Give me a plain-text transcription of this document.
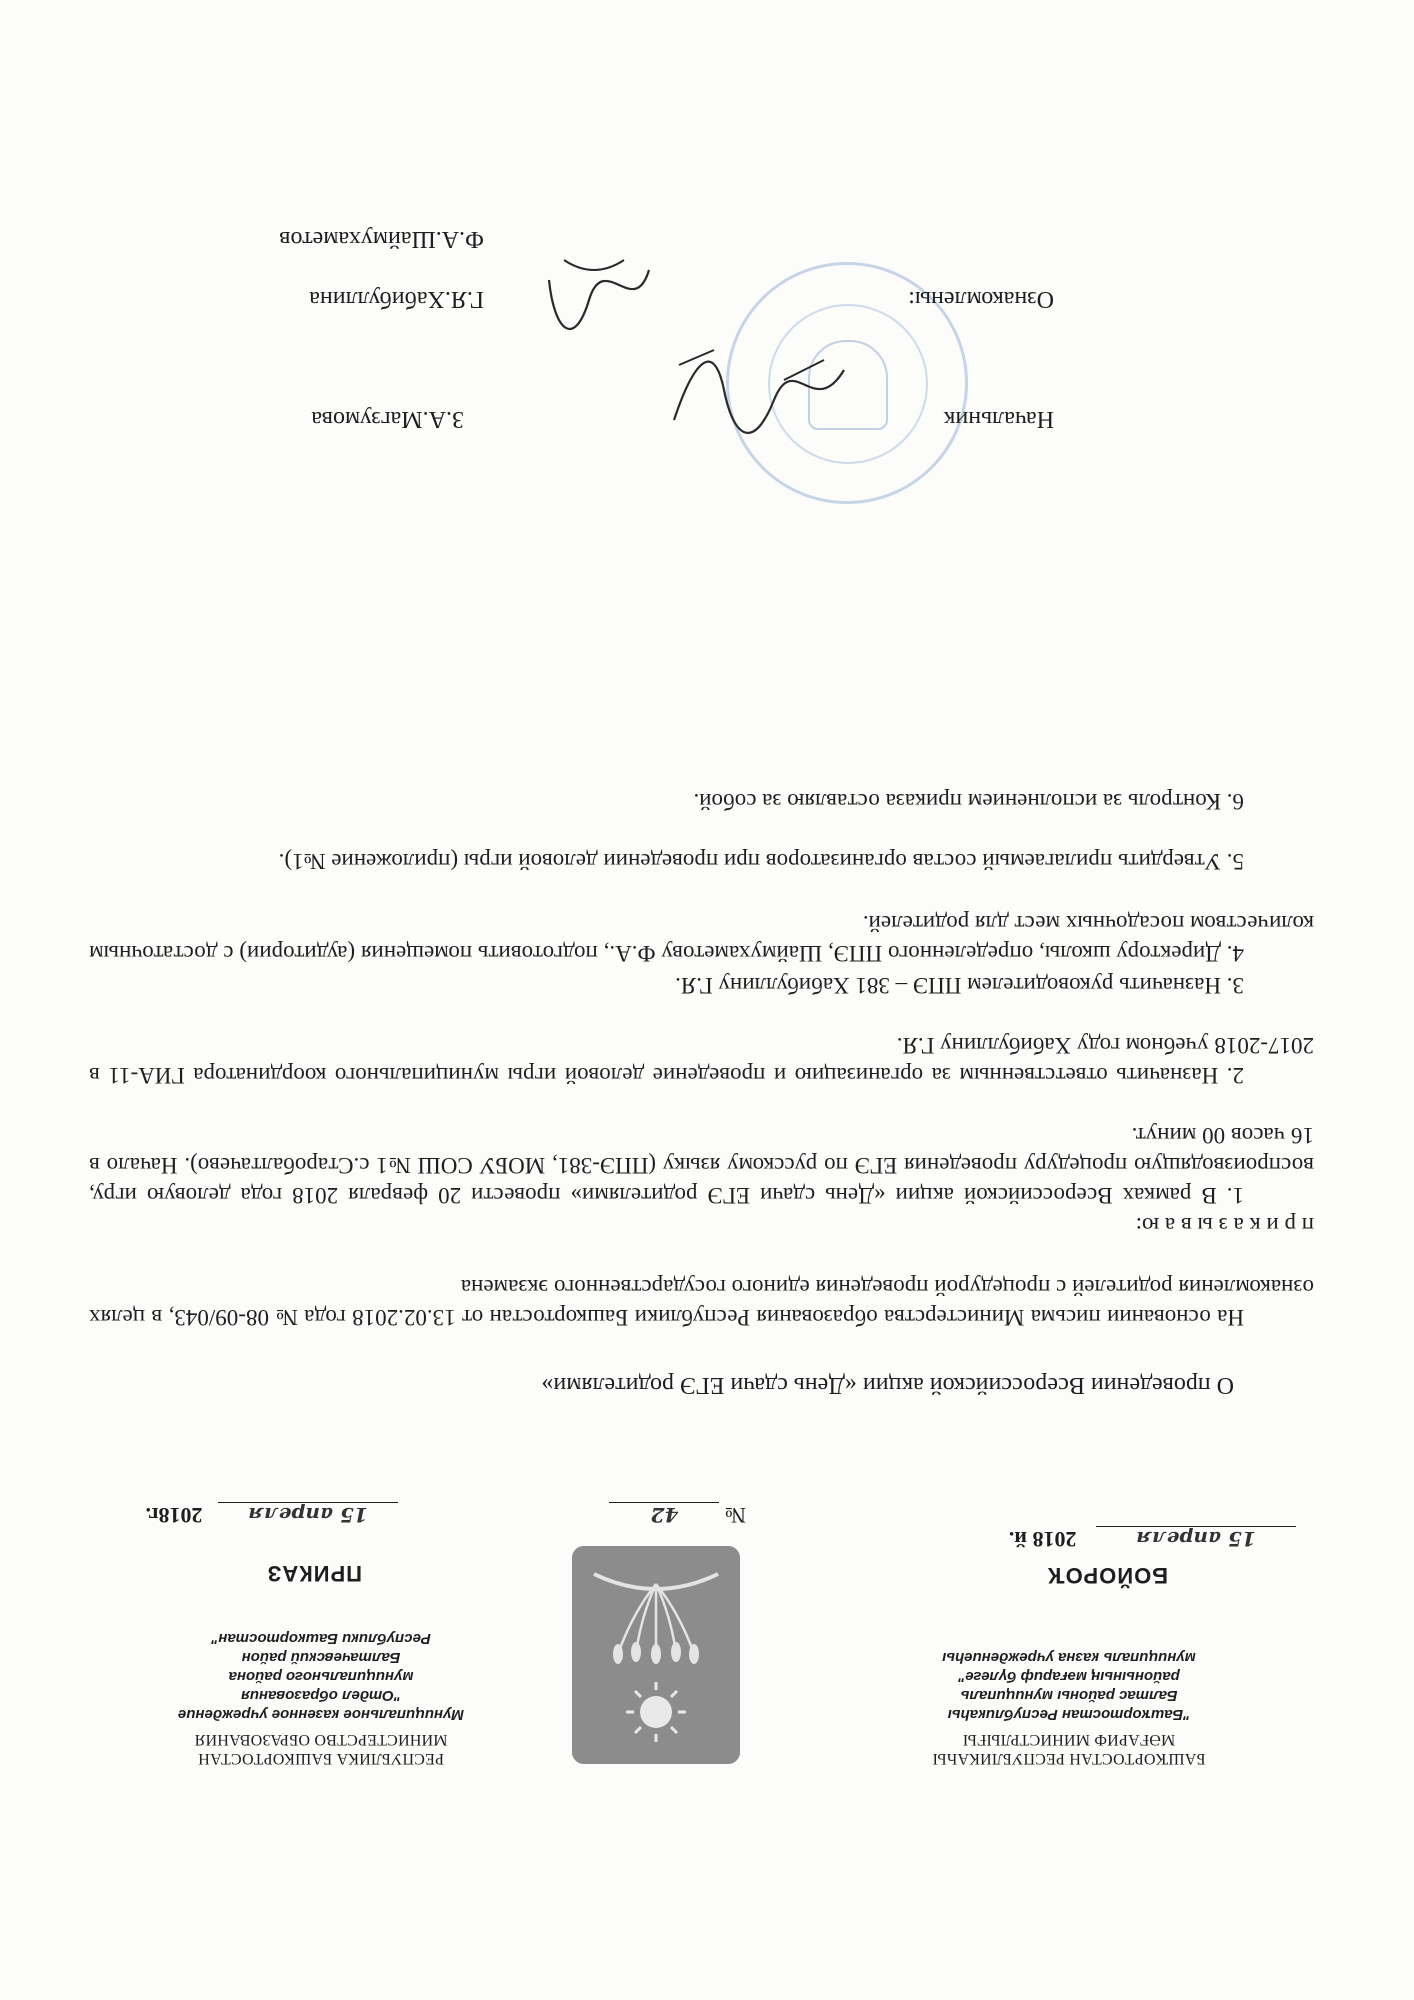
БАШҠОРТОСТАН РЕСПУБЛИКАҺЫ
МӘҒАРИФ МИНИСТРЛЫҒЫ
"Башҡортостан Республикаһы
Балтас районы муниципаль
районының мәғариф бүлеге"
муниципаль казна учреждениеһы
РЕСПУБЛИКА БАШКОРТОСТАН
МИНИСТЕРСТВО ОБРАЗОВАНИЯ
Муниципальное казенное учреждение
"Отдел образования
муниципального района
Балтачевский район
Республики Башкортостан"
БОЙОРОҠ
ПРИКАЗ
15 апреля 2018 й.
№ 42
15 апреля 2018г.
О проведении Всероссийской акции «День сдачи ЕГЭ родителями»
На основании письма Министерства образования Республики Башкортостан от 13.02.2018 года № 08-09/043, в целях ознакомления родителей с процедурой проведения единого государственного экзамена
п р и к а з ы в а ю:
1. В рамках Всероссийской акции «День сдачи ЕГЭ родителями» провести 20 февраля 2018 года деловую игру, воспроизводящую процедуру проведения ЕГЭ по русскому языку (ППЭ-381, МОБУ СОШ №1 с.Старобалтачево). Начало в 16 часов 00 минут.
2. Назначить ответственным за организацию и проведение деловой игры муниципального координатора ГИА-11 в 2017-2018 учебном году Хабибуллину Г.Я.
3. Назначить руководителем ППЭ – 381 Хабибуллину Г.Я.
4. Директору школы, определенного ППЭ, Шаймухаметову Ф.А., подготовить помещения (аудитории) с достаточным количеством посадочных мест для родителей.
5. Утвердить прилагаемый состав организаторов при проведении деловой игры (приложение №1).
6. Контроль за исполнением приказа оставляю за собой.
Начальник
З.А.Магзумова
Ознакомлены:
Г.Я.Хабибуллина
Ф.А.Шаймухаметов
